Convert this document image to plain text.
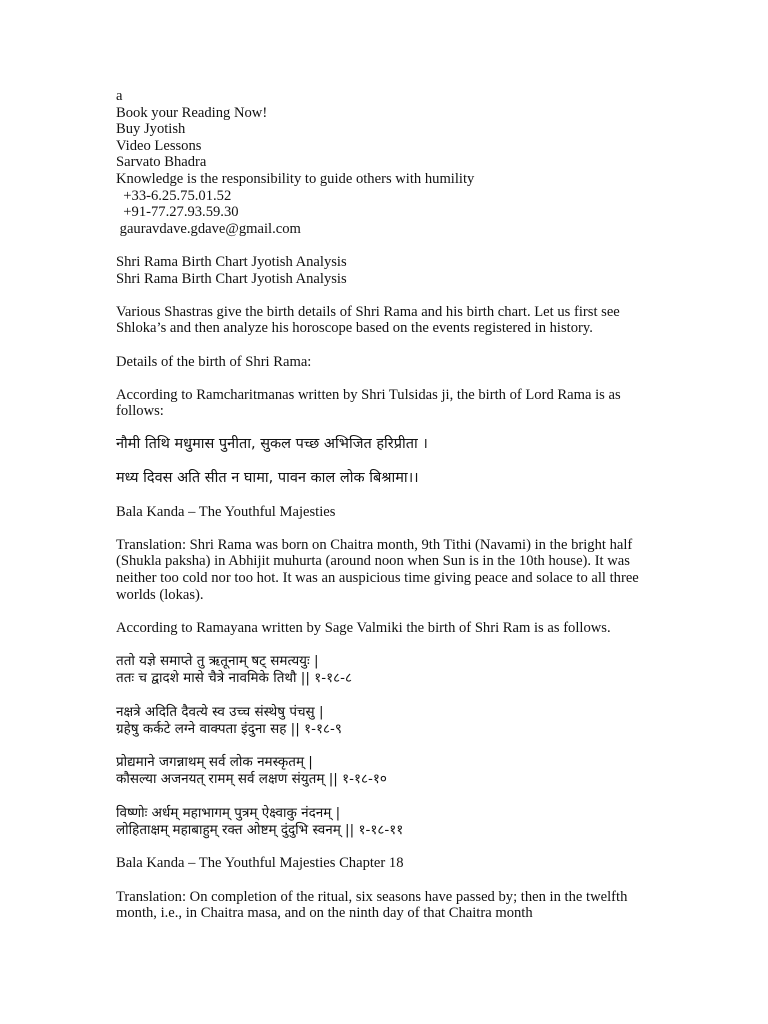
a
Book your Reading Now!
Buy Jyotish
Video Lessons
Sarvato Bhadra
Knowledge is the responsibility to guide others with humility
+33-6.25.75.01.52
+91-77.27.93.59.30
gauravdave.gdave@gmail.com
Shri Rama Birth Chart Jyotish Analysis
Shri Rama Birth Chart Jyotish Analysis
Various Shastras give the birth details of Shri Rama and his birth chart. Let us first see Shloka’s and then analyze his horoscope based on the events registered in history.
Details of the birth of Shri Rama:
According to Ramcharitmanas written by Shri Tulsidas ji, the birth of Lord Rama is as follows:
नौमी तिथि मधुमास पुनीता, सुकल पच्छ अभिजित हरिप्रीता ।
मध्य दिवस अति सीत न घामा, पावन काल लोक बिश्रामा।।
Bala Kanda – The Youthful Majesties
Translation: Shri Rama was born on Chaitra month, 9th Tithi (Navami) in the bright half (Shukla paksha) in Abhijit muhurta (around noon when Sun is in the 10th house). It was neither too cold nor too hot. It was an auspicious time giving peace and solace to all three worlds (lokas).
According to Ramayana written by Sage Valmiki the birth of Shri Ram is as follows.
ततो यज्ञे समाप्ते तु ऋतूनाम् षट् समत्ययुः |
ततः च द्वादशे मासे चैत्रे नावमिके तिथौ || १-१८-८
नक्षत्रे अदिति दैवत्ये स्व उच्च संस्थेषु पंचसु |
ग्रहेषु कर्कटे लग्ने वाक्पता इंदुना सह || १-१८-९
प्रोद्यमाने जगन्नाथम् सर्व लोक नमस्कृतम् |
कौसल्या अजनयत् रामम् सर्व लक्षण संयुतम् || १-१८-१०
विष्णोः अर्धम् महाभागम् पुत्रम् ऐक्ष्वाकु नंदनम् |
लोहिताक्षम् महाबाहुम् रक्त ओष्टम् दुंदुभि स्वनम् || १-१८-११
Bala Kanda – The Youthful Majesties Chapter 18
Translation: On completion of the ritual, six seasons have passed by; then in the twelfth month, i.e., in Chaitra masa, and on the ninth day of that Chaitra month
